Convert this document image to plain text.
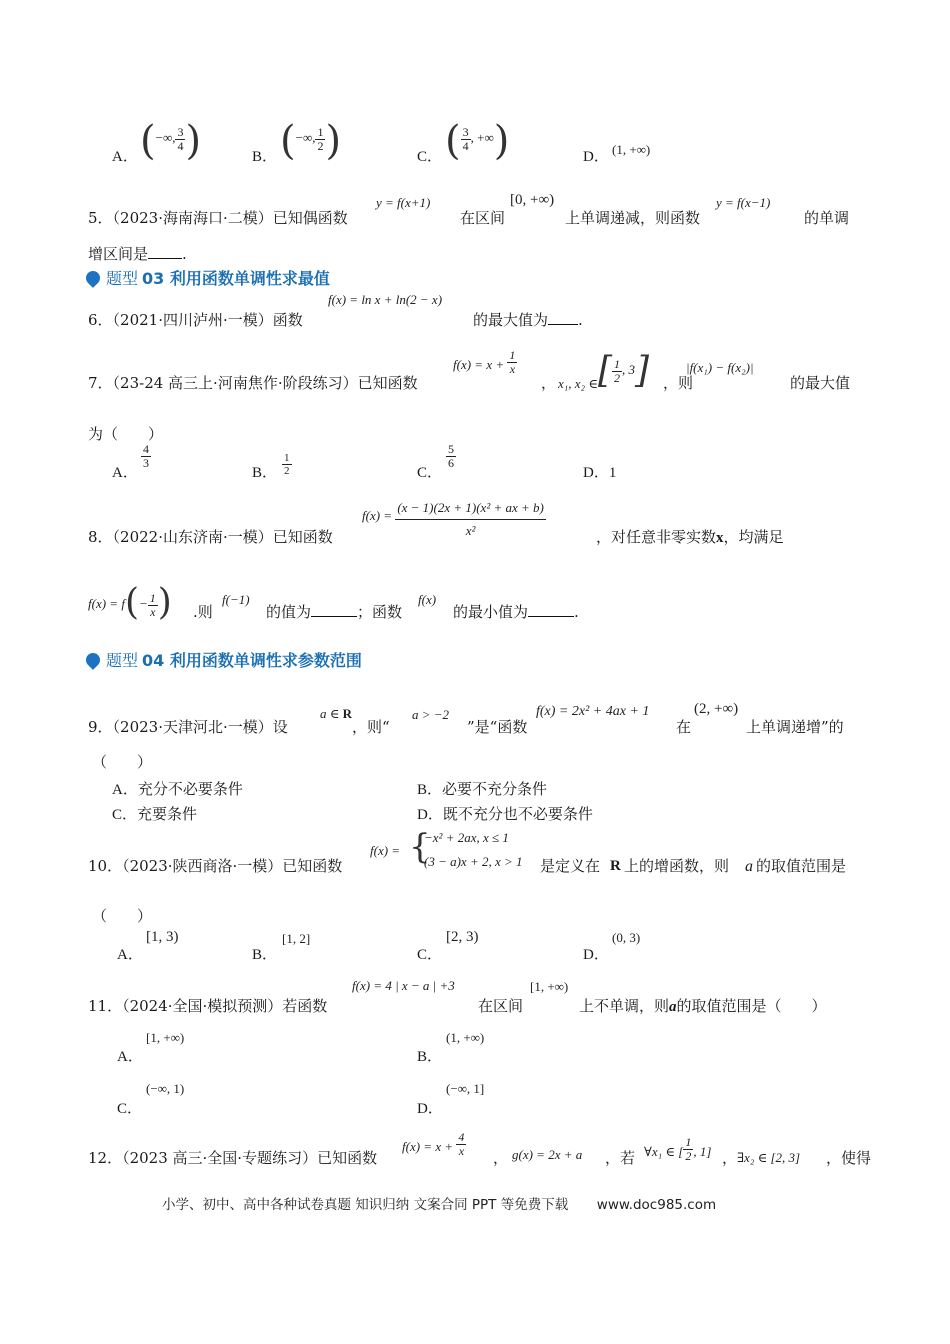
A． (−∞, $\frac{3}{4}$ )	B． (−∞, $\frac{1}{2}$ )	C． ( $\frac{3}{4}$ , +∞)	D． (1, +∞)
5．（2023·海南海口·二模）已知偶函数
y = f(x+1)
在区间
[0, +∞)
上单调递减，则函数
y = f(x−1)
的单调
增区间是 .
题型 03 利用函数单调性求最值
6．（2021·四川泸州·一模）函数
f(x) = ln x + ln(2 − x)
的最大值为 .
7．（23-24 高三上·河南焦作·阶段练习）已知函数
$f(x) = x + \frac{1}{x}$
， x₁, x₂ ∈[ $\frac{1}{2}$ , 3] ，则
|f(x₁) − f(x₂)|
的最大值
为（　　）
A．
$\frac{4}{3}$
B． $\frac{1}{2}$	C．
$\frac{5}{6}$
D．1
8．（2022·山东济南·一模）已知函数
$f(x) = \frac{\text{(x − 1)(2x + 1)(x² + ax + b)}}{\text{x²}}$	，对任意非零实数x，均满足
$f(x) = f(- \frac{1}{x}$ ) .则
f(−1)
的值为	；函数
f(x)
的最小值为	.
题型 04 利用函数单调性求参数范围
9．（2023·天津河北·一模）设
a ∈ R
，则“
a > −2
”是“函数
f(x) = 2x² + 4ax + 1
在
(2, +∞)
上单调递增”的
（　　）
A．充分不必要条件	B．必要不充分条件
C．充要条件	D．既不充分也不必要条件
10．（2023·陕西商洛·一模）已知函数
f(x) = {
−x² + 2ax, x ≤ 1
(3 − a)x + 2, x > 1 是定义在 R 上的增函数，则 a 的取值范围是
（　　）
A．
[1, 3)
B．
[1, 2]
C．
[2, 3)
D．
(0, 3)
11．（2024·全国·模拟预测）若函数
f(x) = 4 | x − a | +3
在区间
[1, +∞)
上不单调，则a的取值范围是（　　）
A．
[1, +∞)
B．
(1, +∞)
C．
(−∞, 1)
D．
(−∞, 1]
12．（2023 高三·全国·专题练习）已知函数
$f(x) = x + \frac{4}{x}$ ， g(x) = 2x + a ，若 ∀x₁ ∈ [ $\frac{1}{2}$ , 1] ， ∃x₂ ∈ [2, 3] ，使得
小学、初中、高中各种试卷真题 知识归纳 文案合同 PPT 等免费下载 www.doc985.com
